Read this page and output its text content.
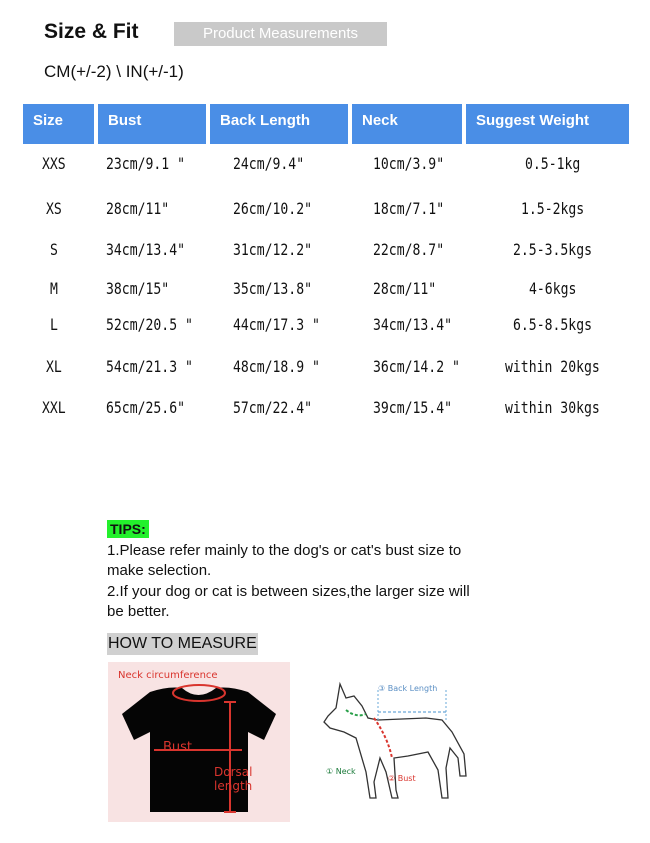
Size & Fit	Product Measurements
CM(+/-2) \ IN(+/-1)
Size	Bust	Back Length	Neck	Suggest Weight
XXS	23cm/9.1 "	24cm/9.4"	10cm/3.9"	0.5-1kg
XS	28cm/11"	26cm/10.2"	18cm/7.1"	1.5-2kgs
S	34cm/13.4"	31cm/12.2"	22cm/8.7"	2.5-3.5kgs
M	38cm/15"	35cm/13.8"	28cm/11"	4-6kgs
L	52cm/20.5 "	44cm/17.3 "	34cm/13.4"	6.5-8.5kgs
XL	54cm/21.3 "	48cm/18.9 "	36cm/14.2 "	within 20kgs
XXL	65cm/25.6"	57cm/22.4"	39cm/15.4"	within 30kgs
TIPS:
1.Please refer mainly to the dog's or cat's bust size to
make selection.
2.If your dog or cat is between sizes,the larger size will
be better.
HOW TO MEASURE
Neck circumference
Bust
Dorsal length
③ Back Length
① Neck
② Bust
